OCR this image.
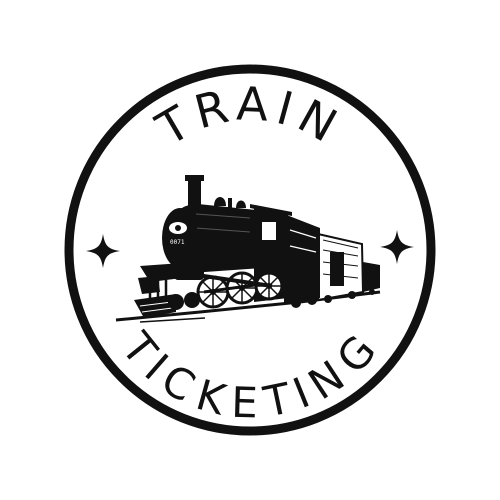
TRAIN
TICKETING
0071
